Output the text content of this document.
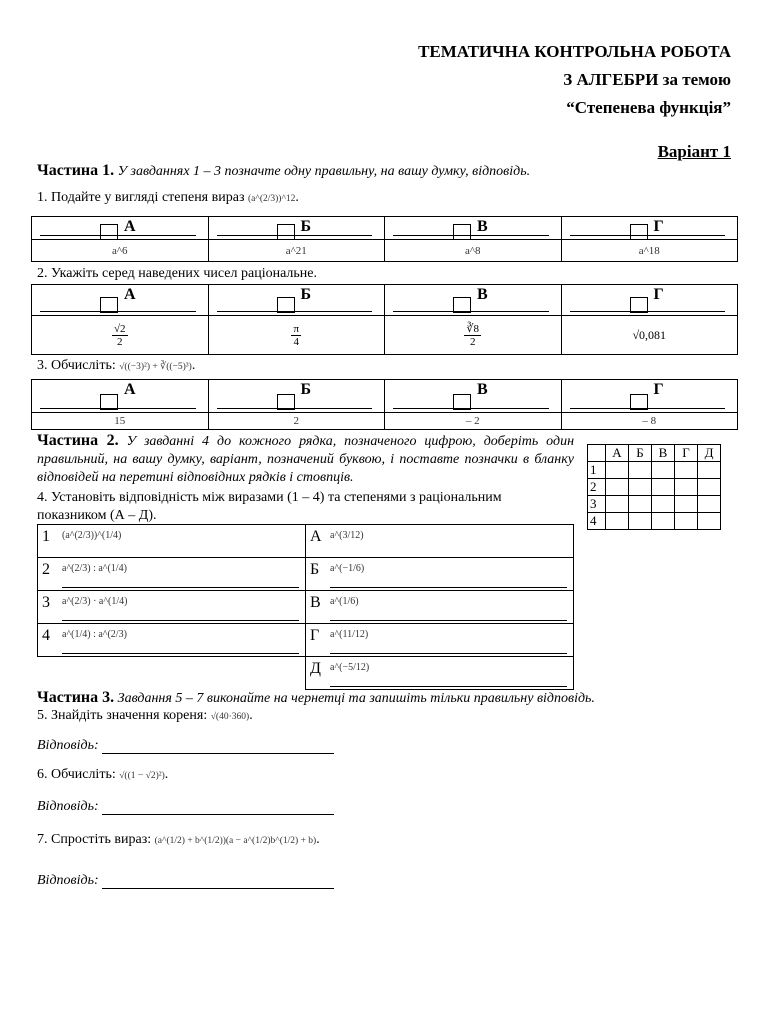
ТЕМАТИЧНА КОНТРОЛЬНА РОБОТА
З АЛГЕБРИ за темою
“Степенева функція”
Варіант 1
Частина 1. У завданнях 1 – 3 позначте одну правильну, на вашу думку, відповідь.
1. Подайте у вигляді степеня вираз (a^(2/3))^12.
А	Б	В	Г

a^6	a^21	a^8	a^18
2. Укажіть серед наведених чисел раціональне.
А	Б	В	Г

$\frac{√2}{2}$	$\frac{\pi}{4}$	$\frac{∛8}{2}$	√0,081
3. Обчисліть: √((−3)²) + ∛((−5)³).
А	Б	В	Г

15	2	– 2	– 8
Частина 2. У завданні 4 до кожного рядка, позначеного цифрою, доберіть один правильний, на вашу думку, варіант, позначений буквою, і поставте позначки в бланку відповідей на перетині відповідних рядків і стовпців.
	А	Б	В	Г	Д
1					
2					
3					
4					
4. Установіть відповідність між виразами (1 – 4) та степенями з раціональним
показником (А – Д).
1 (a^(2/3))^(1/4)	А a^(3/12)

2 a^(2/3) : a^(1/4)	Б a^(−1/6)

3 a^(2/3) · a^(1/4)	В a^(1/6)

4 a^(1/4) : a^(2/3)	Г a^(11/12)

	Д a^(−5/12)
Частина 3. Завдання 5 – 7 виконайте на чернетці та запишіть тільки правильну відповідь.
5. Знайдіть значення кореня: √(40·360).
Відповідь:
6. Обчисліть: √((1 − √2)²).
Відповідь:
7. Спростіть вираз: (a^(1/2) + b^(1/2))(a − a^(1/2)b^(1/2) + b).
Відповідь:
